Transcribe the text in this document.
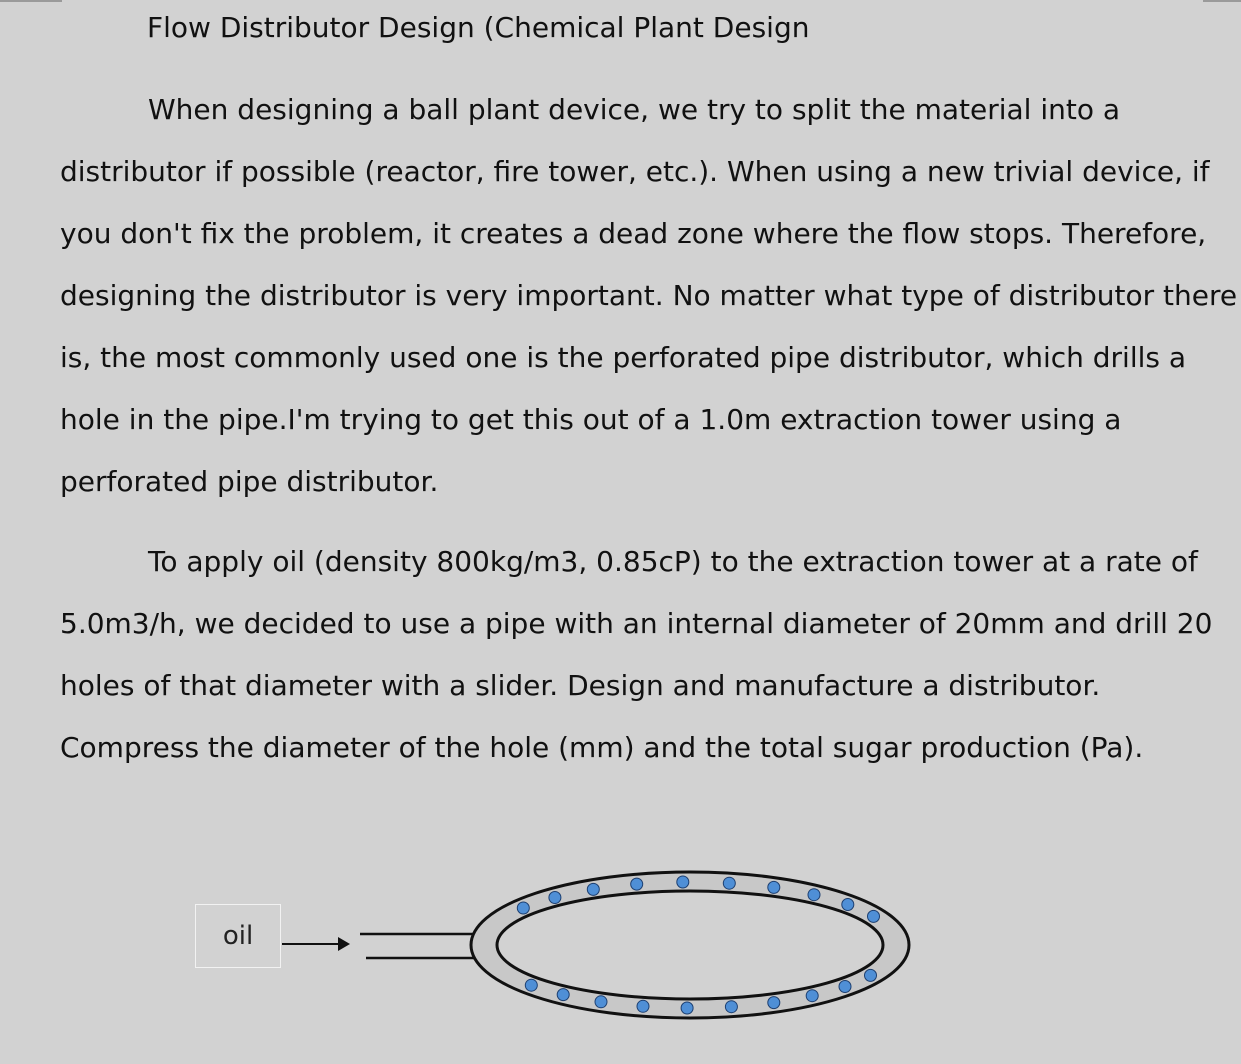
Flow Distributor Design (Chemical Plant Design

When designing a ball plant device, we try to split the material into a
distributor if possible (reactor, fire tower, etc.). When using a new trivial device, if
you don't fix the problem, it creates a dead zone where the flow stops. Therefore,
designing the distributor is very important. No matter what type of distributor there
is, the most commonly used one is the perforated pipe distributor, which drills a
hole in the pipe.I'm trying to get this out of a 1.0m extraction tower using a
perforated pipe distributor.

To apply oil (density 800kg/m3, 0.85cP) to the extraction tower at a rate of
5.0m3/h, we decided to use a pipe with an internal diameter of 20mm and drill 20
holes of that diameter with a slider. Design and manufacture a distributor.
Compress the diameter of the hole (mm) and the total sugar production (Pa).

oil
